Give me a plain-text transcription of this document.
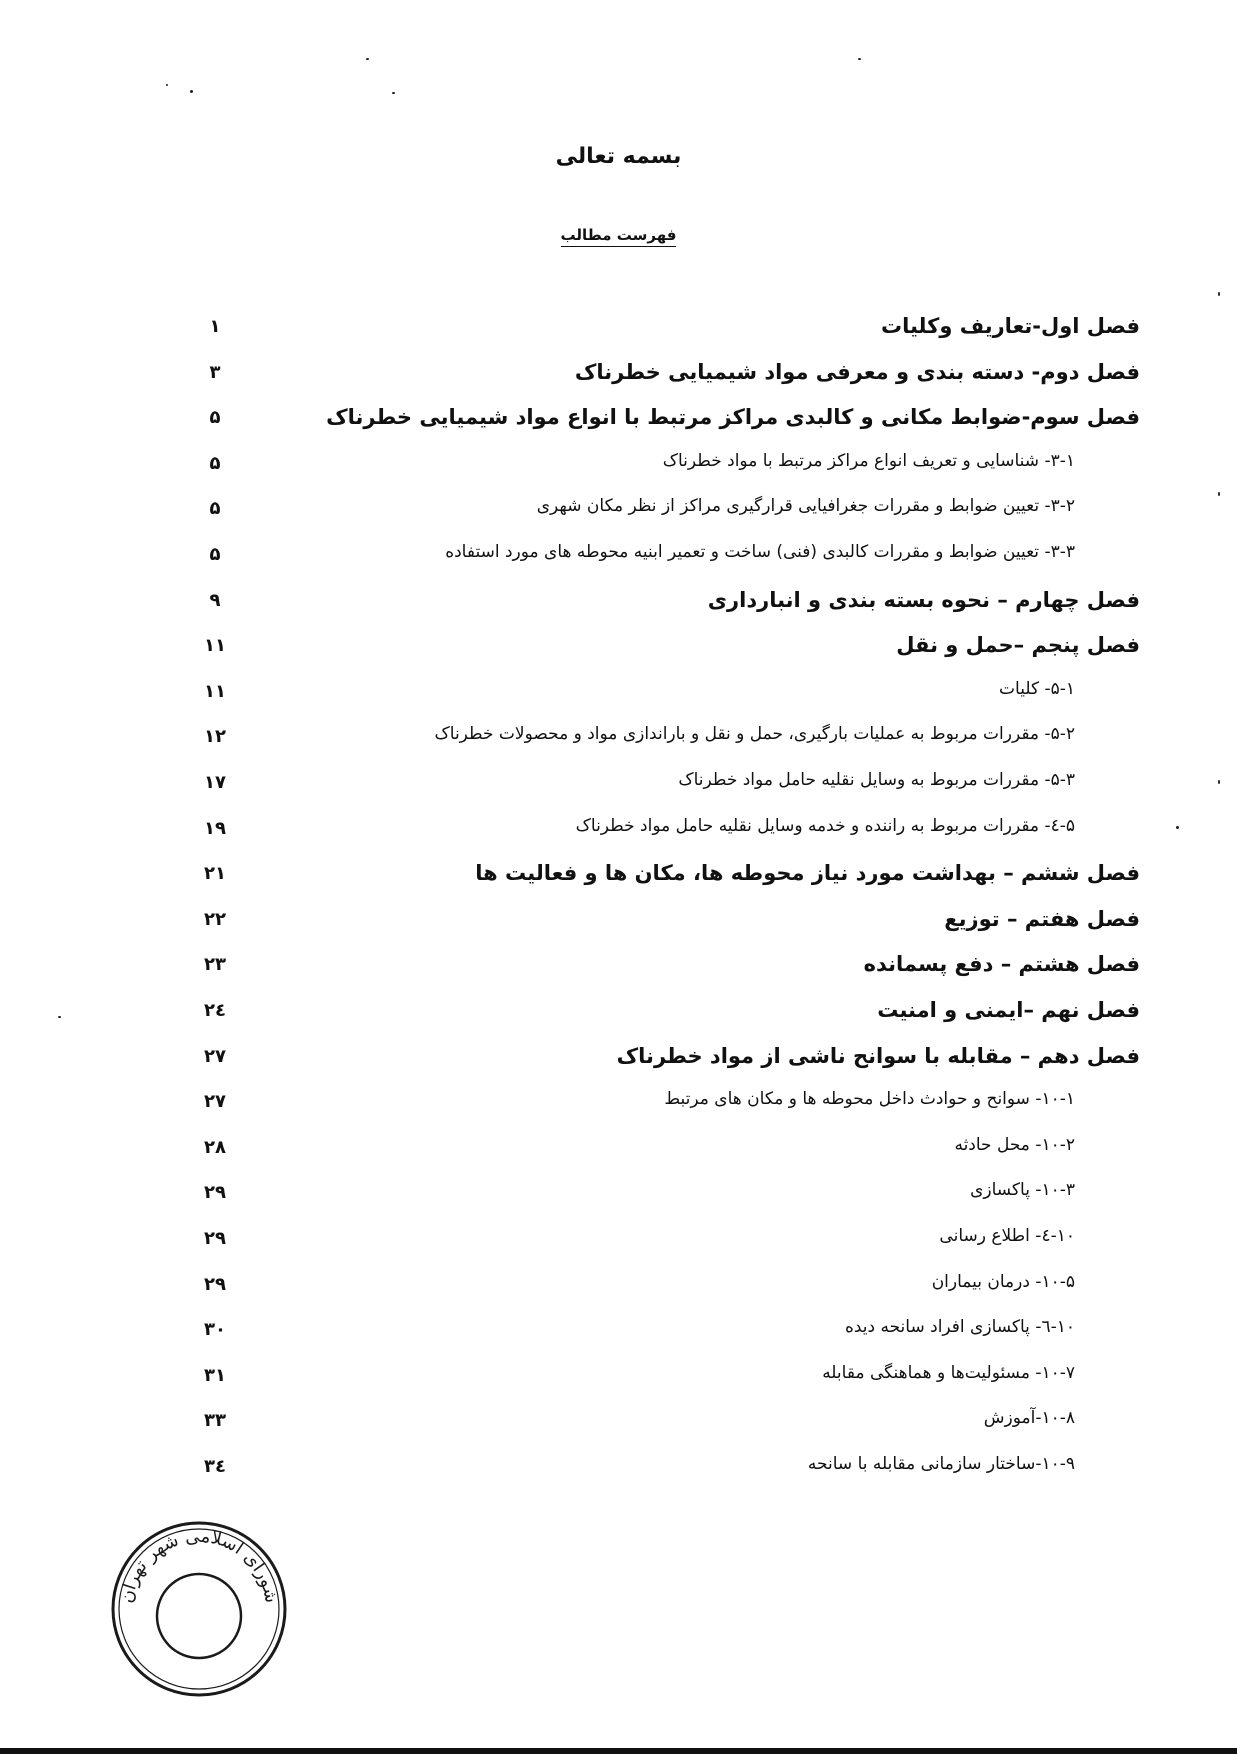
بسمه تعالی
فهرست مطالب
فصل اول-تعاریف وکلیات
۱
فصل دوم- دسته بندی و معرفی مواد شیمیایی خطرناک
۳
فصل سوم-ضوابط مکانی و کالبدی مراکز مرتبط با انواع مواد شیمیایی خطرناک
۵
۳-۱- شناسایی و تعریف انواع مراکز مرتبط با مواد خطرناک
۵
۳-۲- تعیین ضوابط و مقررات جغرافیایی قرارگیری مراکز از نظر مکان شهری
۵
۳-۳- تعیین ضوابط و مقررات کالبدی (فنی) ساخت و تعمیر ابنیه محوطه های مورد استفاده
۵
فصل چهارم – نحوه بسته بندی و انبارداری
۹
فصل پنجم –حمل و نقل
۱۱
۵-۱- کلیات
۱۱
۵-۲- مقررات مربوط به عملیات بارگیری، حمل و نقل و باراندازی مواد و محصولات خطرناک
۱۲
۵-۳- مقررات مربوط به وسایل نقلیه حامل مواد خطرناک
۱۷
۵-٤- مقررات مربوط به راننده و خدمه وسایل نقلیه حامل مواد خطرناک
۱۹
فصل ششم – بهداشت مورد نیاز محوطه ها، مکان ها و فعالیت ها
۲۱
فصل هفتم – توزیع
۲۲
فصل هشتم – دفع پسمانده
۲۳
فصل نهم –ایمنی و امنیت
۲٤
فصل دهم – مقابله با سوانح ناشی از مواد خطرناک
۲۷
۱۰-۱- سوانح و حوادث داخل محوطه ها و مکان های مرتبط
۲۷
۱۰-۲- محل حادثه
۲۸
۱۰-۳- پاکسازی
۲۹
۱۰-٤- اطلاع رسانی
۲۹
۱۰-۵- درمان بیماران
۲۹
۱۰-٦- پاکسازی افراد سانحه دیده
۳۰
۱۰-۷- مسئولیت‌ها و هماهنگی مقابله
۳۱
۱۰-۸-آموزش
۳۳
۱۰-۹-ساختار سازمانی مقابله با سانحه
۳٤
شورای اسلامی شهر تهران
